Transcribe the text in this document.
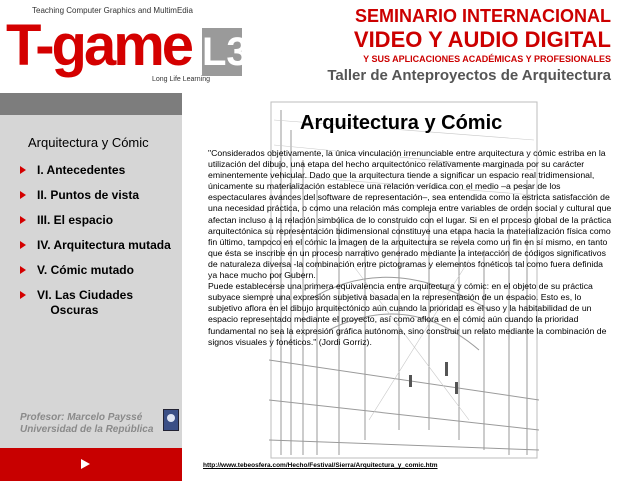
Teaching Computer Graphics and MultimEdia
T-game L3
Long Life Learning
SEMINARIO INTERNACIONAL
VIDEO Y AUDIO DIGITAL
Y SUS APLICACIONES ACADÉMICAS Y PROFESIONALES
Taller de Anteproyectos de Arquitectura
Arquitectura y Cómic
I. Antecedentes
II. Puntos de vista
III. El espacio
IV. Arquitectura mutada
V. Cómic mutado
VI. Las Ciudades
Oscuras
Profesor: Marcelo Payssé
Universidad de la República
Arquitectura y Cómic

"Considerados objetivamente, la única vinculación irrenunciable entre arquitectura y cómic estriba en la utilización del dibujo, una etapa del hecho arquitectónico relativamente marginada por su carácter eminentemente vehicular. Dado que la arquitectura tiende a significar un espacio real tridimensional, únicamente su materialización establece una relación verídica con el medio –a pesar de los espectaculares avances del software de representación–, sea entendida como la estricta satisfacción de una necesidad práctica, o como una relación más compleja entre variables de orden social y cultural que afectan incluso a la relación simbólica de lo construido con el lugar. Si en el proceso global de la práctica arquitectónica su representación bidimensional constituye una etapa hacia la materialización física como fin último, tampoco en el cómic la imagen de la arquitectura se revela como un fin en sí mismo, en tanto que ésta se inscribe en un proceso narrativo generado mediante la interacción de códigos significativos de naturaleza diversa -la combinación entre pictogramas y elementos fonéticos tal como fuera definida ya hace mucho por Gubern.
Puede establecerse una primera equivalencia entre arquitectura y cómic: en el objeto de su práctica subyace siempre una expresión subjetiva basada en la representación de un espacio. Esto es, lo subjetivo aflora en el dibujo arquitectónico aún cuando la prioridad es el uso y la habitabilidad de un espacio representado mediante el proyecto, así como aflora en el cómic aún cuando la prioridad fundamental no sea la expresión gráfica autónoma, sino construir un relato mediante la combinación de signos visuales y fonéticos." (Jordi Gorriz).

http://www.tebeosfera.com/Hecho/Festival/Sierra/Arquitectura_y_comic.htm
